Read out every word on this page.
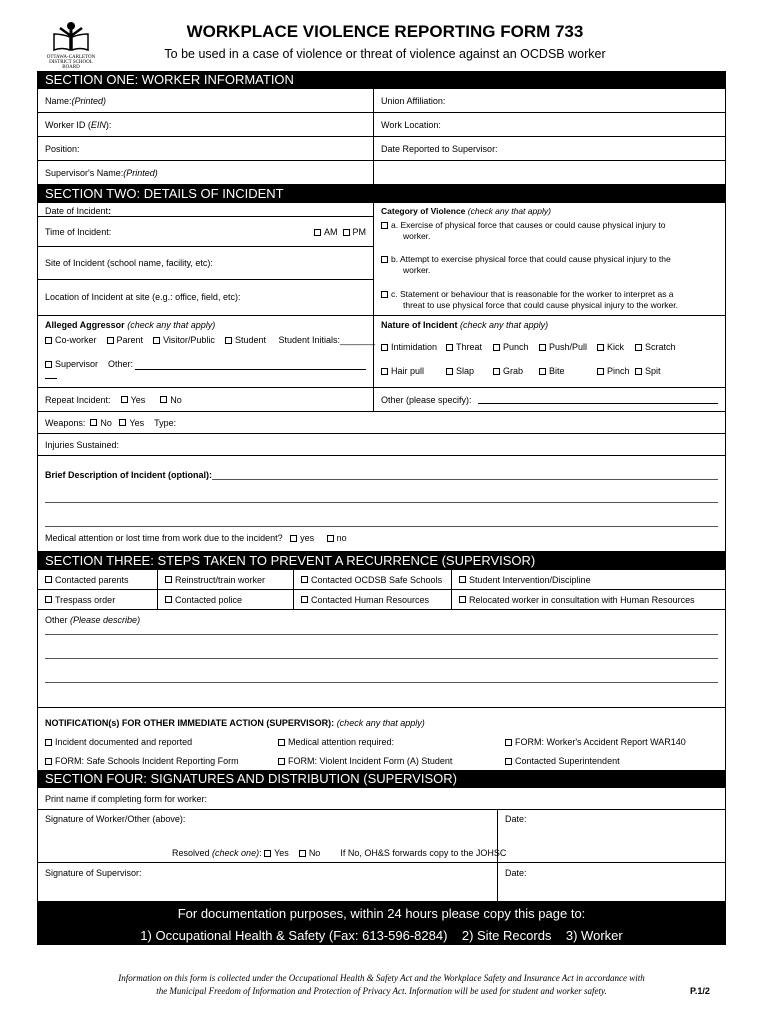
OTTAWA-CARLETON DISTRICT SCHOOL BOARD
WORKPLACE VIOLENCE REPORTING FORM 733
To be used in a case of violence or threat of violence against an OCDSB worker
SECTION ONE: WORKER INFORMATION
Name: (Printed)	Union Affiliation:
Worker ID ( EIN ):	Work Location:
Position:	Date Reported to Supervisor:
Supervisor's Name: (Printed)
SECTION TWO: DETAILS OF INCIDENT
Date of Incident:
Time of Incident:	AM PM
Site of Incident (school name, facility, etc):
Location of Incident at site (e.g.: office, field, etc):
Category of Violence (check any that apply)
a. Exercise of physical force that causes or could cause physical injury to
worker.
b. Attempt to exercise physical force that could cause physical injury to the
worker.
c. Statement or behaviour that is reasonable for the worker to interpret as a
threat to use physical force that could cause physical injury to the worker.
Alleged Aggressor (check any that apply)
Co-worker Parent Visitor/Public Student Student Initials:_______
Supervisor
Other:
Nature of Incident (check any that apply)
Intimidation	Threat	Punch	Push/Pull	Kick	Scratch
Hair pull	Slap	Grab	Bite	Pinch	Spit
Repeat Incident:
Yes
	No	Other (please specify):
Weapons:
No
Yes
Type:
Injuries Sustained:
Brief Description of Incident (optional):
Medical attention or lost time from work due to the incident? yes	no
SECTION THREE: STEPS TAKEN TO PREVENT A RECURRENCE (SUPERVISOR)
Contacted parents	Reinstruct/train worker	Contacted OCDSB Safe Schools	Student Intervention/Discipline
Trespass order	Contacted police	Contacted Human Resources	Relocated worker in consultation with Human Resources
Other (Please describe)
NOTIFICATION(s) FOR OTHER IMMEDIATE ACTION (SUPERVISOR): (check any that apply)
Incident documented and reported	Medical attention required:	FORM: Worker's Accident Report WAR140
FORM: Safe Schools Incident Reporting Form	FORM: Violent Incident Form (A) Student	Contacted Superintendent
SECTION FOUR: SIGNATURES AND DISTRIBUTION (SUPERVISOR)
Print name if completing form for worker:
Signature of Worker/Other (above):
Resolved (check one): Yes No If No, OH&S forwards copy to the JOHSC
Date:
Signature of Supervisor:	Date:
For documentation purposes, within 24 hours please copy this page to:
1) Occupational Health & Safety (Fax: 613-596-8284)    2) Site Records    3) Worker
Information on this form is collected under the Occupational Health & Safety Act and the Workplace Safety and Insurance Act in accordance with
the Municipal Freedom of Information and Protection of Privacy Act. Information will be used for student and worker safety.	P.1/2
